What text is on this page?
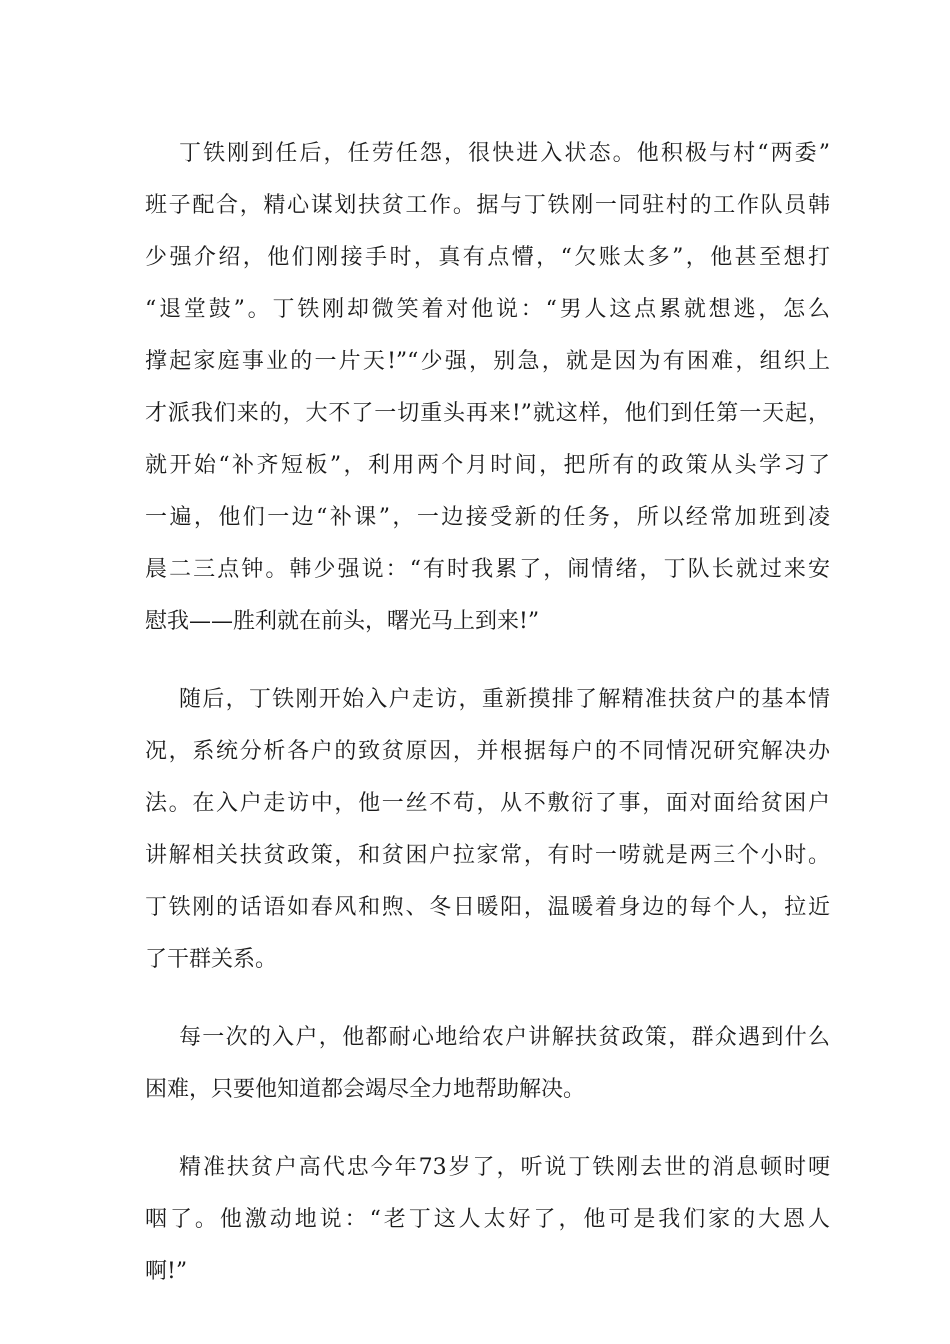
丁铁刚到任后，任劳任怨，很快进入状态。他积极与村“两委”
班子配合，精心谋划扶贫工作。据与丁铁刚一同驻村的工作队员韩
少强介绍，他们刚接手时，真有点懵，“欠账太多”，他甚至想打
“退堂鼓”。丁铁刚却微笑着对他说：“男人这点累就想逃，怎么
撑起家庭事业的一片天!”“少强，别急，就是因为有困难，组织上
才派我们来的，大不了一切重头再来!”就这样，他们到任第一天起，
就开始“补齐短板”，利用两个月时间，把所有的政策从头学习了
一遍，他们一边“补课”，一边接受新的任务，所以经常加班到凌
晨二三点钟。韩少强说：“有时我累了，闹情绪，丁队长就过来安
慰我——胜利就在前头，曙光马上到来!”
随后，丁铁刚开始入户走访，重新摸排了解精准扶贫户的基本情
况，系统分析各户的致贫原因，并根据每户的不同情况研究解决办
法。在入户走访中，他一丝不苟，从不敷衍了事，面对面给贫困户
讲解相关扶贫政策，和贫困户拉家常，有时一唠就是两三个小时。
丁铁刚的话语如春风和煦、冬日暖阳，温暖着身边的每个人，拉近
了干群关系。
每一次的入户，他都耐心地给农户讲解扶贫政策，群众遇到什么
困难，只要他知道都会竭尽全力地帮助解决。
精准扶贫户高代忠今年73岁了，听说丁铁刚去世的消息顿时哽
咽了。他激动地说：“老丁这人太好了，他可是我们家的大恩人
啊!”
